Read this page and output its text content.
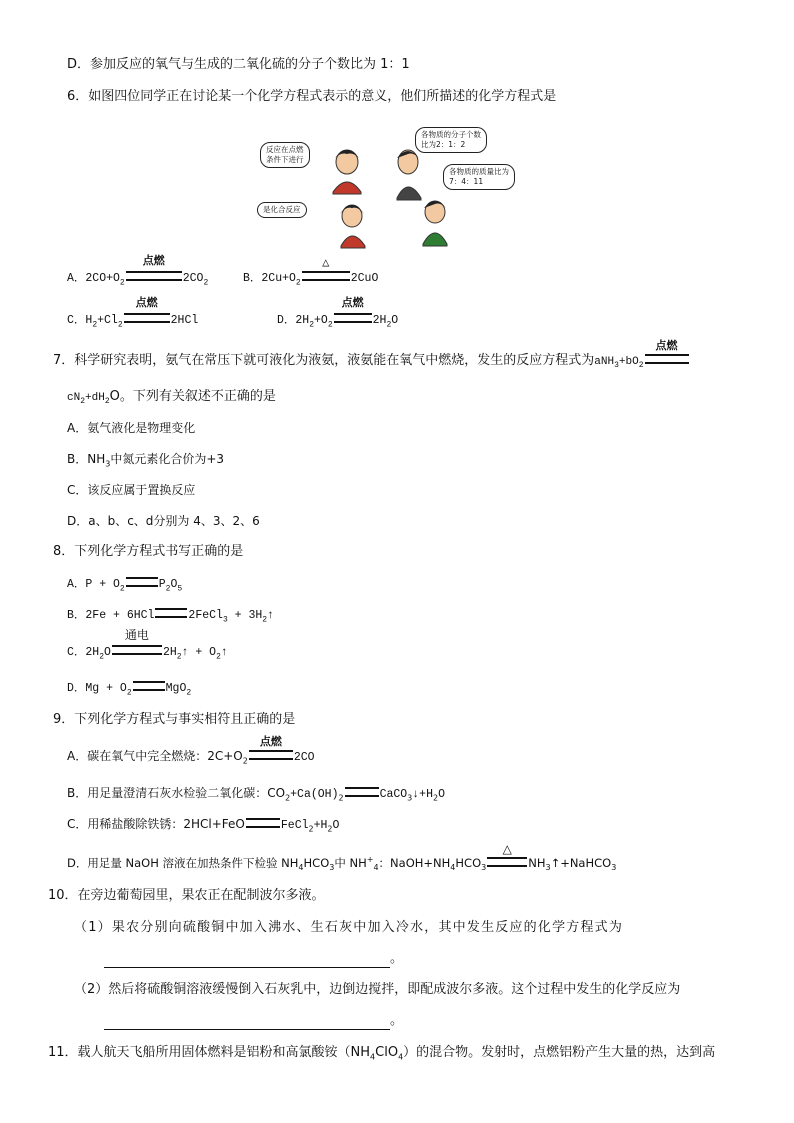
D．参加反应的氧气与生成的二氧化硫的分子个数比为 1：1
6．如图四位同学正在讨论某一个化学方程式表示的意义，他们所描述的化学方程式是
反应在点燃
条件下进行
各物质的分子个数
比为2：1：2
各物质的质量比为
7：4：11
是化合反应
A．$2CO+O_2$
点燃
$2CO_2$	B．$2Cu+O_2$
△
2CuO
C．$H_2+Cl_2$
点燃
2HCl	D．$2H_2+O_2$
点燃
$2H_2O$
7．科学研究表明，氨气在常压下就可液化为液氨，液氨能在氧气中燃烧，发生的反应方程式为$aNH_3+bO_2$
点燃
$cN_2+dH_2O$。下列有关叙述不正确的是
A．氨气液化是物理变化
B．$NH_3$中氮元素化合价为+3
C．该反应属于置换反应
D．a、b、c、d分别为 4、3、2、6
8．下列化学方程式书写正确的是
A．$P + O_2$	$P_2O_5$
B．2Fe + 6HCl	2FeCl$_3$ + $3H_2↑$
C．$2H_2O$
通电
$2H_2↑$ + $O_2↑$
D．$Mg + O_2$	MgO$_2$
9．下列化学方程式与事实相符且正确的是
A．碳在氧气中完全燃烧：$2C+O_2$
点燃
2CO
B．用足量澄清石灰水检验二氧化碳：$CO_2+Ca(OH)_2$	$CaCO_3↓+H_2O$
C．用稀盐酸除铁锈：2HCl+FeO	$FeCl_2+H_2O$
D．用足量 NaOH 溶液在加热条件下检验 $NH_4HCO_3$中 $NH^+_4$：$NaOH+NH_4HCO_3$
△
$NH_3↑+NaHCO_3$
10．在旁边葡萄园里，果农正在配制波尔多液。
（1）果农分别向硫酸铜中加入沸水、生石灰中加入冷水，其中发生反应的化学方程式为
。
（2）然后将硫酸铜溶液缓慢倒入石灰乳中，边倒边搅拌，即配成波尔多液。这个过程中发生的化学反应为
。
11．载人航天飞船所用固体燃料是铝粉和高氯酸铵$(NH_4ClO_4)$的混合物。发射时，点燃铝粉产生大量的热，达到高
